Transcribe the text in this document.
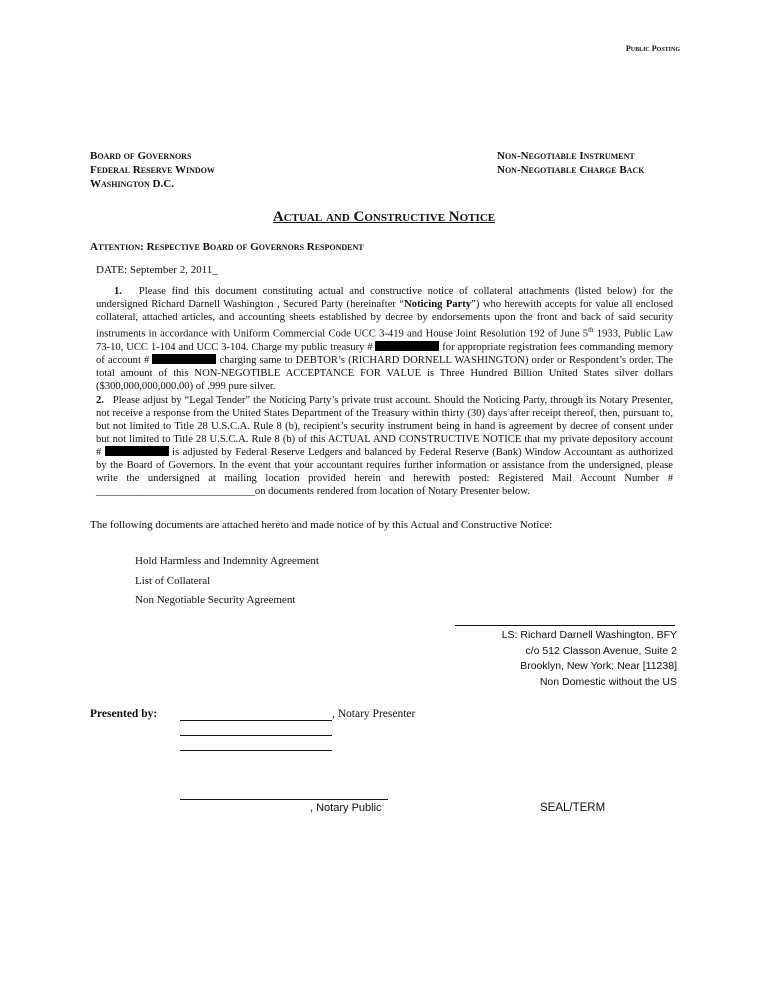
Public Posting
Board of Governors
Federal Reserve Window
Washington D.C.
Non-Negotiable Instrument
Non-Negotiable Charge Back
Actual and Constructive Notice
Attention: Respective Board of Governors Respondent
DATE: September 2, 2011_
1. Please find this document constituting actual and constructive notice of collateral attachments (listed below) for the undersigned Richard Darnell Washington , Secured Party (hereinafter “Noticing Party”) who herewith accepts for value all enclosed collateral, attached articles, and accounting sheets established by decree by endorsements upon the front and back of said security instruments in accordance with Uniform Commercial Code UCC 3-419 and House Joint Resolution 192 of June 5th 1933, Public Law 73-10, UCC 1-104 and UCC 3-104. Charge my public treasury #	for appropriate registration fees commanding memory of account #	charging same to DEBTOR’s (RICHARD DORNELL WASHINGTON) order or Respondent’s order. The total amount of this NON-NEGOTIBLE ACCEPTANCE FOR VALUE is Three Hundred Billion United States silver dollars ($300,000,000,000.00) of .999 pure silver.
2. Please adjust by “Legal Tender” the Noticing Party’s private trust account. Should the Noticing Party, through its Notary Presenter, not receive a response from the United States Department of the Treasury within thirty (30) days after receipt thereof, then, pursuant to, but not limited to Title 28 U.S.C.A. Rule 8 (b), recipient’s security instrument being in hand is agreement by decree of consent under but not limited to Title 28 U.S.C.A. Rule 8 (b) of this ACTUAL AND CONSTRUCTIVE NOTICE that my private depository account #	is adjusted by Federal Reserve Ledgers and balanced by Federal Reserve (Bank) Window Accountant as authorized by the Board of Governors. In the event that your accountant requires further information or assistance from the undersigned, please write the undersigned at mailing location provided herein and herewith posted: Registered Mail Account Number # ______________________________on documents rendered from location of Notary Presenter below.
The following documents are attached hereto and made notice of by this Actual and Constructive Notice:
Hold Harmless and Indemnity Agreement
List of Collateral
Non Negotiable Security Agreement
LS: Richard Darnell Washington, BFY
c/o 512 Classon Avenue, Suite 2
Brooklyn, New York; Near [11238]
Non Domestic without the US
Presented by:	, Notary Presenter
, Notary Public	SEAL/TERM
